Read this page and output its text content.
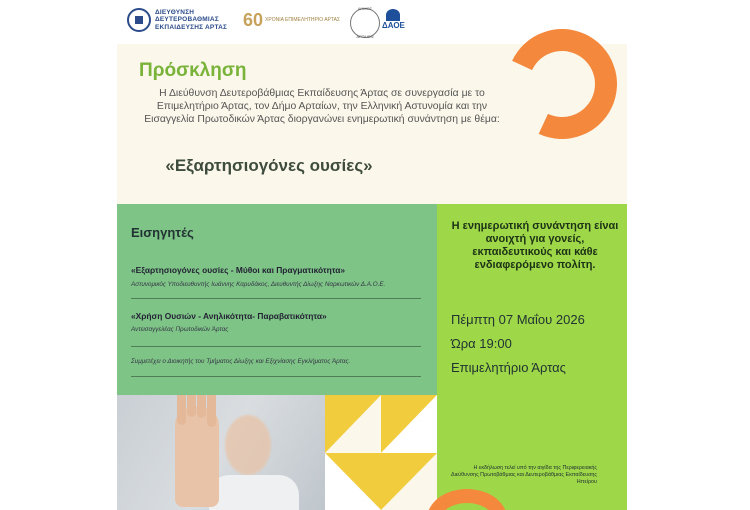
ΔΙΕΥΘΥΝΣΗ
ΔΕΥΤΕΡΟΒΑΘΜΙΑΣ
ΕΚΠΑΙΔΕΥΣΗΣ ΑΡΤΑΣ 60 ΧΡΟΝΙΑ ΕΠΙΜΕΛΗΤΗΡΙΟ ΑΡΤΑΣ
ΔΗΜΟΣ ΑΡΤΑΙΩΝ
ΔΑΟΕ
Πρόσκληση

Η Διεύθυνση Δευτεροβάθμιας Εκπαίδευσης Άρτας σε συνεργασία με το Επιμελητήριο Άρτας, τον Δήμο Αρταίων, την Ελληνική Αστυνομία και την Εισαγγελία Πρωτοδικών Άρτας διοργανώνει ενημερωτική συνάντηση με θέμα:

«Εξαρτησιογόνες ουσίες»
Εισηγητές
«Εξαρτησιογόνες ουσίες - Μύθοι και Πραγματικότητα»
Αστυνομικός Υποδιευθυντής Ιωάννης Καρυδάκος, Διευθυντής Δίωξης Ναρκωτικών Δ.Α.Ο.Ε.
«Χρήση Ουσιών - Ανηλικότητα- Παραβατικότητα»
Αντεισαγγελέας Πρωτοδικών Άρτας
Συμμετέχει ο Διοικητής του Τμήματος Δίωξης και Εξιχνίασης Εγκλήματος Άρτας.

Η ενημερωτική συνάντηση είναι ανοιχτή για γονείς, εκπαιδευτικούς και κάθε ενδιαφερόμενο πολίτη.

Πέμπτη 07 Μαΐου 2026
Ώρα 19:00
Επιμελητήριο Άρτας

Η εκδήλωση τελεί υπό την αιγίδα της Περιφερειακής Διεύθυνσης Πρωτοβάθμιας και Δευτεροβάθμιας Εκπαίδευσης Ηπείρου
